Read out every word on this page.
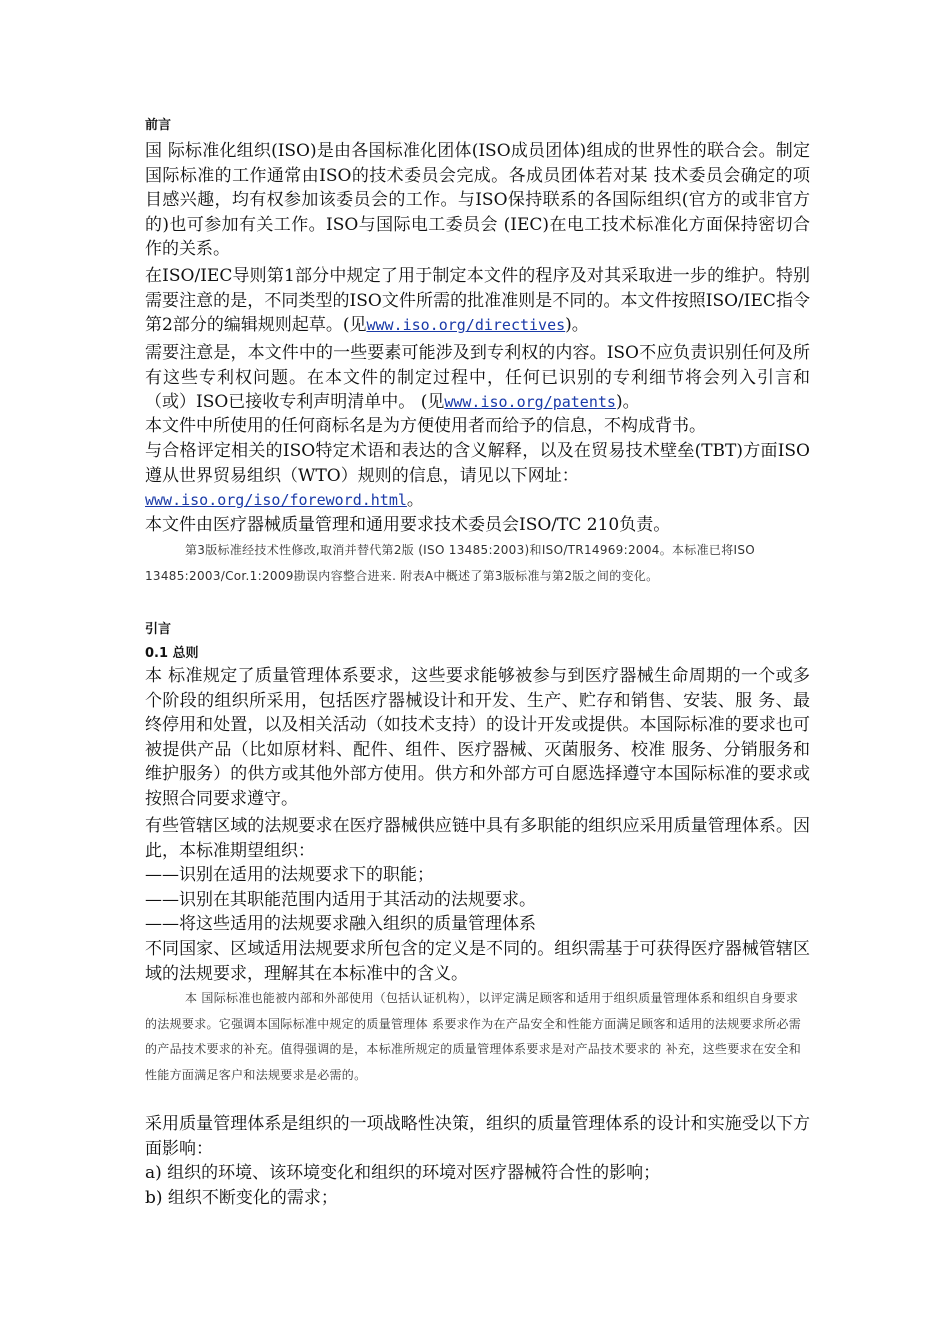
前言

国 际标准化组织(ISO)是由各国标准化团体(ISO成员团体)组成的世界性的联合会。制定国际标准的工作通常由ISO的技术委员会完成。各成员团体若对某 技术委员会确定的项目感兴趣，均有权参加该委员会的工作。与ISO保持联系的各国际组织(官方的或非官方的)也可参加有关工作。ISO与国际电工委员会 (IEC)在电工技术标准化方面保持密切合作的关系。

在ISO/IEC导则第1部分中规定了用于制定本文件的程序及对其采取进一步的维护。特别需要注意的是，不同类型的ISO文件所需的批准准则是不同的。本文件按照ISO/IEC指令第2部分的编辑规则起草。(见www.iso.org/directives)。

需要注意是，本文件中的一些要素可能涉及到专利权的内容。ISO不应负责识别任何及所有这些专利权问题。在本文件的制定过程中，任何已识别的专利细节将会列入引言和（或）ISO已接收专利声明清单中。 (见www.iso.org/patents)。

本文件中所使用的任何商标名是为方便使用者而给予的信息，不构成背书。

与合格评定相关的ISO特定术语和表达的含义解释，以及在贸易技术壁垒(TBT)方面ISO遵从世界贸易组织（WTO）规则的信息，请见以下网址：
www.iso.org/iso/foreword.html。

本文件由医疗器械质量管理和通用要求技术委员会ISO/TC 210负责。

第3版标准经技术性修改,取消并替代第2版 (ISO 13485:2003)和ISO/TR14969:2004。本标准已将ISO 13485:2003/Cor.1:2009勘误内容整合进来. 附表A中概述了第3版标准与第2版之间的变化。

引言
0.1 总则

本 标准规定了质量管理体系要求，这些要求能够被参与到医疗器械生命周期的一个或多个阶段的组织所采用，包括医疗器械设计和开发、生产、贮存和销售、安装、服 务、最终停用和处置，以及相关活动（如技术支持）的设计开发或提供。本国际标准的要求也可被提供产品（比如原材料、配件、组件、医疗器械、灭菌服务、校准 服务、分销服务和维护服务）的供方或其他外部方使用。供方和外部方可自愿选择遵守本国际标准的要求或按照合同要求遵守。

有些管辖区域的法规要求在医疗器械供应链中具有多职能的组织应采用质量管理体系。因此，本标准期望组织：

——识别在适用的法规要求下的职能；
——识别在其职能范围内适用于其活动的法规要求。
——将这些适用的法规要求融入组织的质量管理体系

不同国家、区域适用法规要求所包含的定义是不同的。组织需基于可获得医疗器械管辖区域的法规要求，理解其在本标准中的含义。

本 国际标准也能被内部和外部使用（包括认证机构），以评定满足顾客和适用于组织质量管理体系和组织自身要求的法规要求。它强调本国际标准中规定的质量管理体 系要求作为在产品安全和性能方面满足顾客和适用的法规要求所必需的产品技术要求的补充。值得强调的是，本标准所规定的质量管理体系要求是对产品技术要求的 补充，这些要求在安全和性能方面满足客户和法规要求是必需的。

采用质量管理体系是组织的一项战略性决策，组织的质量管理体系的设计和实施受以下方面影响：

a) 组织的环境、该环境变化和组织的环境对医疗器械符合性的影响；
b) 组织不断变化的需求；
